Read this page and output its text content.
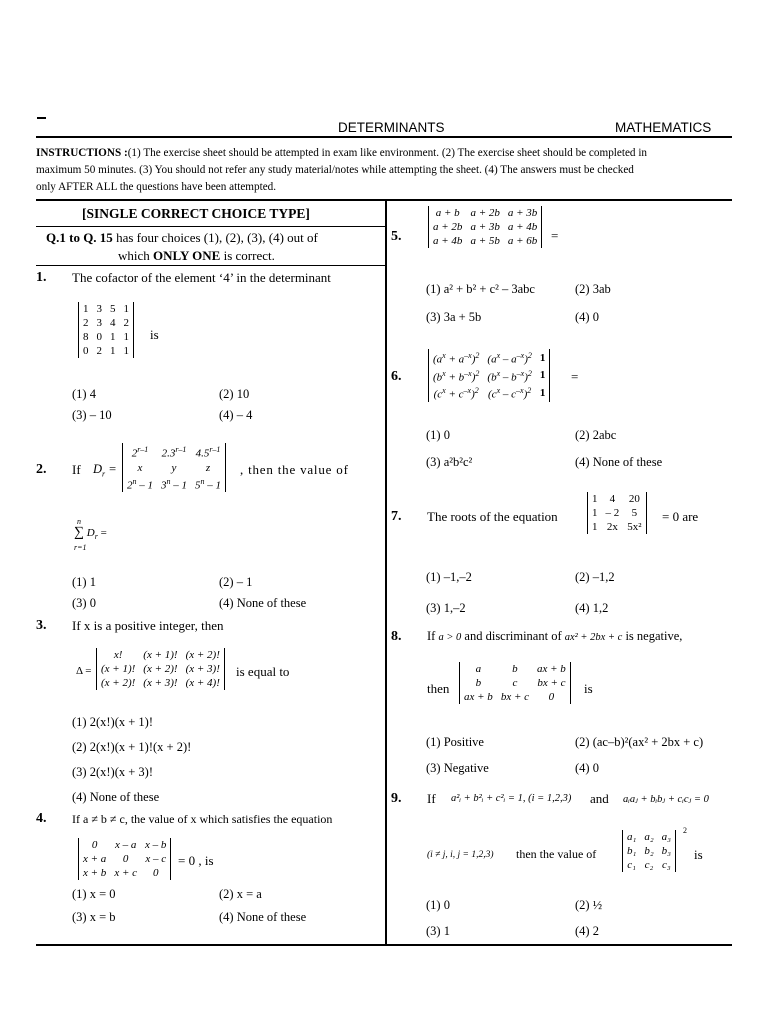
DETERMINANTS	MATHEMATICS
INSTRUCTIONS :(1) The exercise sheet should be attempted in exam like environment. (2) The exercise sheet should be completed in
maximum 50 minutes. (3) You should not refer any study material/notes while attempting the sheet. (4) The answers must be checked
only AFTER ALL the questions have been attempted.
[SINGLE CORRECT CHOICE TYPE]
Q.1 to Q. 15 has four choices (1), (2), (3), (4) out of
which ONLY ONE is correct.
1. The cofactor of the element ‘4’ in the determinant
1	3	5	1
2	3	4	2
8	0	1	1
0	2	1	1
is
(1) 4	(2) 10
(3) – 10	(4) – 4
2. If $D_r$ =
$2^{r-1}$	2.3$^{r-1}$	4.5$^{r-1}$
x	y	z
2$^n$ – 1	3$^n$ – 1	5$^n$ – 1
, then the value of
n
∑ $D_r$ =
r=1
(1) 1	(2) – 1
(3) 0	(4) None of these
3. If x is a positive integer, then
Δ =
x!	(x + 1)!	(x + 2)!
(x + 1)!	(x + 2)!	(x + 3)!
(x + 2)!	(x + 3)!	(x + 4)!
is equal to
(1) 2(x!)(x + 1)!
(2) 2(x!)(x + 1)!(x + 2)!
(3) 2(x!)(x + 3)!
(4) None of these
4. If a ≠ b ≠ c, the value of x which satisfies the equation
0	x – a	x – b
x + a	0	x – c
x + b	x + c	0
= 0 , is
(1) x = 0	(2) x = a
(3) x = b	(4) None of these
5.
a + b	a + 2b	a + 3b
a + 2b	a + 3b	a + 4b
a + 4b	a + 5b	a + 6b =
(1) a² + b² + c² – 3abc	(2) 3ab
(3) 3a + 5b	(4) 0
6.
$(a^x + a^{-x})^2$	$(a^x - a^{-x})^2$	1
$(b^x + b^{-x})^2$	$(b^x - b^{-x})^2$	1
$(c^x + c^{-x})^2$	$(c^x - c^{-x})^2$	1
=
(1) 0	(2) 2abc
(3) a²b²c²	(4) None of these
7. The roots of the equation
1	4	20
1	– 2	5
1	2x	5x²
= 0 are
(1) –1,–2	(2) –1,2
(3) 1,–2	(4) 1,2
8. If a > 0 and discriminant of ax² + 2bx + c is negative,
then
a	b	ax + b
b	c	bx + c
ax + b	bx + c	0
is
(1) Positive	(2) (ac–b)²(ax² + 2bx + c)
(3) Negative	(4) 0
9. If a²ᵢ + b²ᵢ + c²ᵢ = 1, (i = 1,2,3) and aᵢaⱼ + bᵢbⱼ + cᵢcⱼ = 0
(i ≠ j, i, j = 1,2,3) then the value of
a₁	a₂	a₃
b₁	b₂	b₃
c₁	c₂	c₃
2
is
(1) 0	(2) ½
(3) 1	(4) 2
